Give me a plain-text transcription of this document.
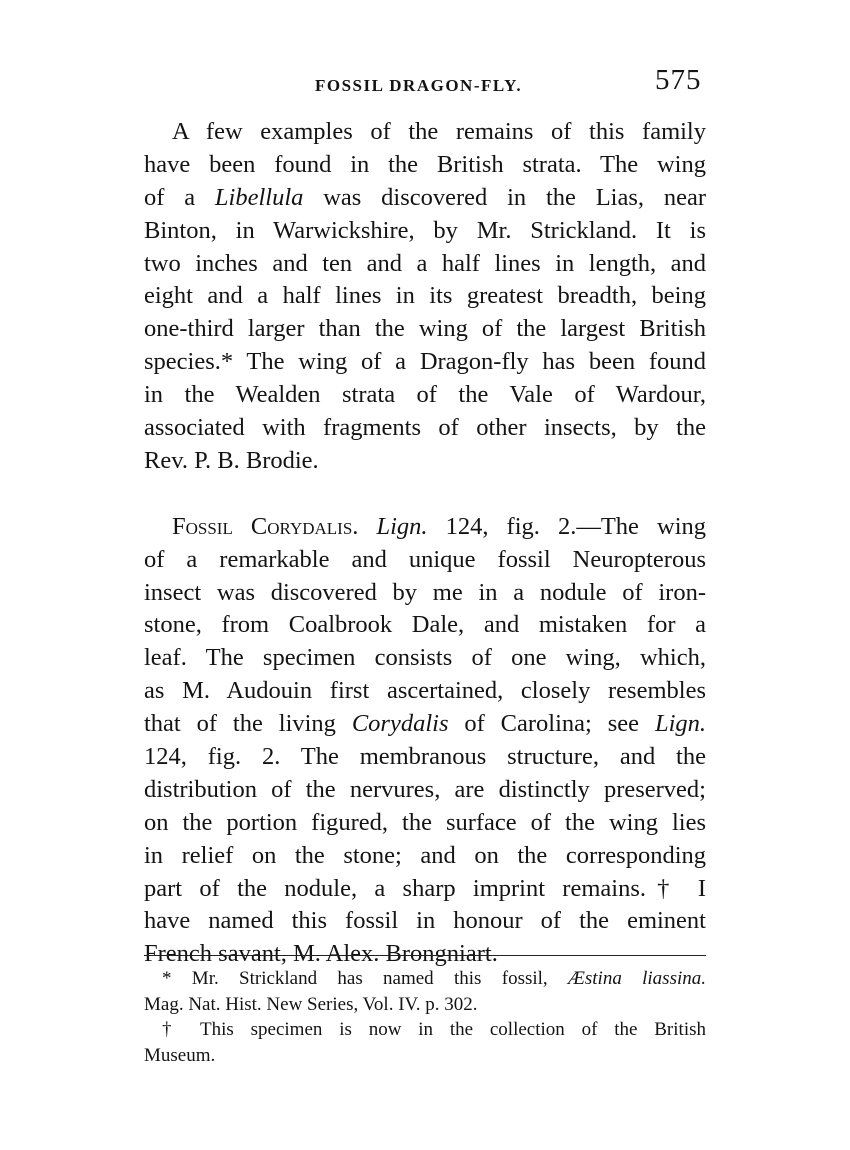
FOSSIL DRAGON-FLY.	575
A few examples of the remains of this family
have been found in the British strata. The wing
of a Libellula was discovered in the Lias, near
Binton, in Warwickshire, by Mr. Strickland. It is
two inches and ten and a half lines in length, and
eight and a half lines in its greatest breadth, being
one-third larger than the wing of the largest British
species.* The wing of a Dragon-fly has been found
in the Wealden strata of the Vale of Wardour,
associated with fragments of other insects, by the
Rev. P. B. Brodie.
Fossil Corydalis. Lign. 124, fig. 2.—The wing
of a remarkable and unique fossil Neuropterous
insect was discovered by me in a nodule of iron-
stone, from Coalbrook Dale, and mistaken for a
leaf. The specimen consists of one wing, which,
as M. Audouin first ascertained, closely resembles
that of the living Corydalis of Carolina; see Lign.
124, fig. 2. The membranous structure, and the
distribution of the nervures, are distinctly preserved;
on the portion figured, the surface of the wing lies
in relief on the stone; and on the corresponding
part of the nodule, a sharp imprint remains.† I
have named this fossil in honour of the eminent
French savant, M. Alex. Brongniart.
* Mr. Strickland has named this fossil, Æstina liassina.
Mag. Nat. Hist. New Series, Vol. IV. p. 302.
† This specimen is now in the collection of the British
Museum.
